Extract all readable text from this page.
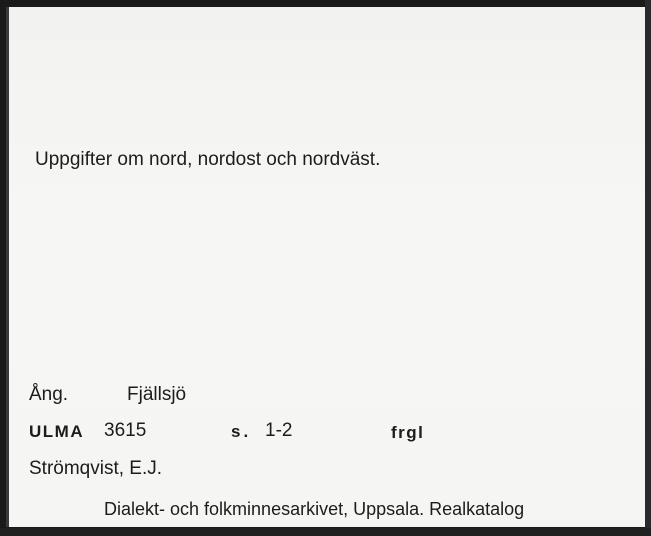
Uppgifter om nord, nordost och nordväst.
Ång.	Fjällsjö
ULMA 3615	s. 1-2	frgl
Strömqvist, E.J.
Dialekt- och folkminnesarkivet, Uppsala. Realkatalog
